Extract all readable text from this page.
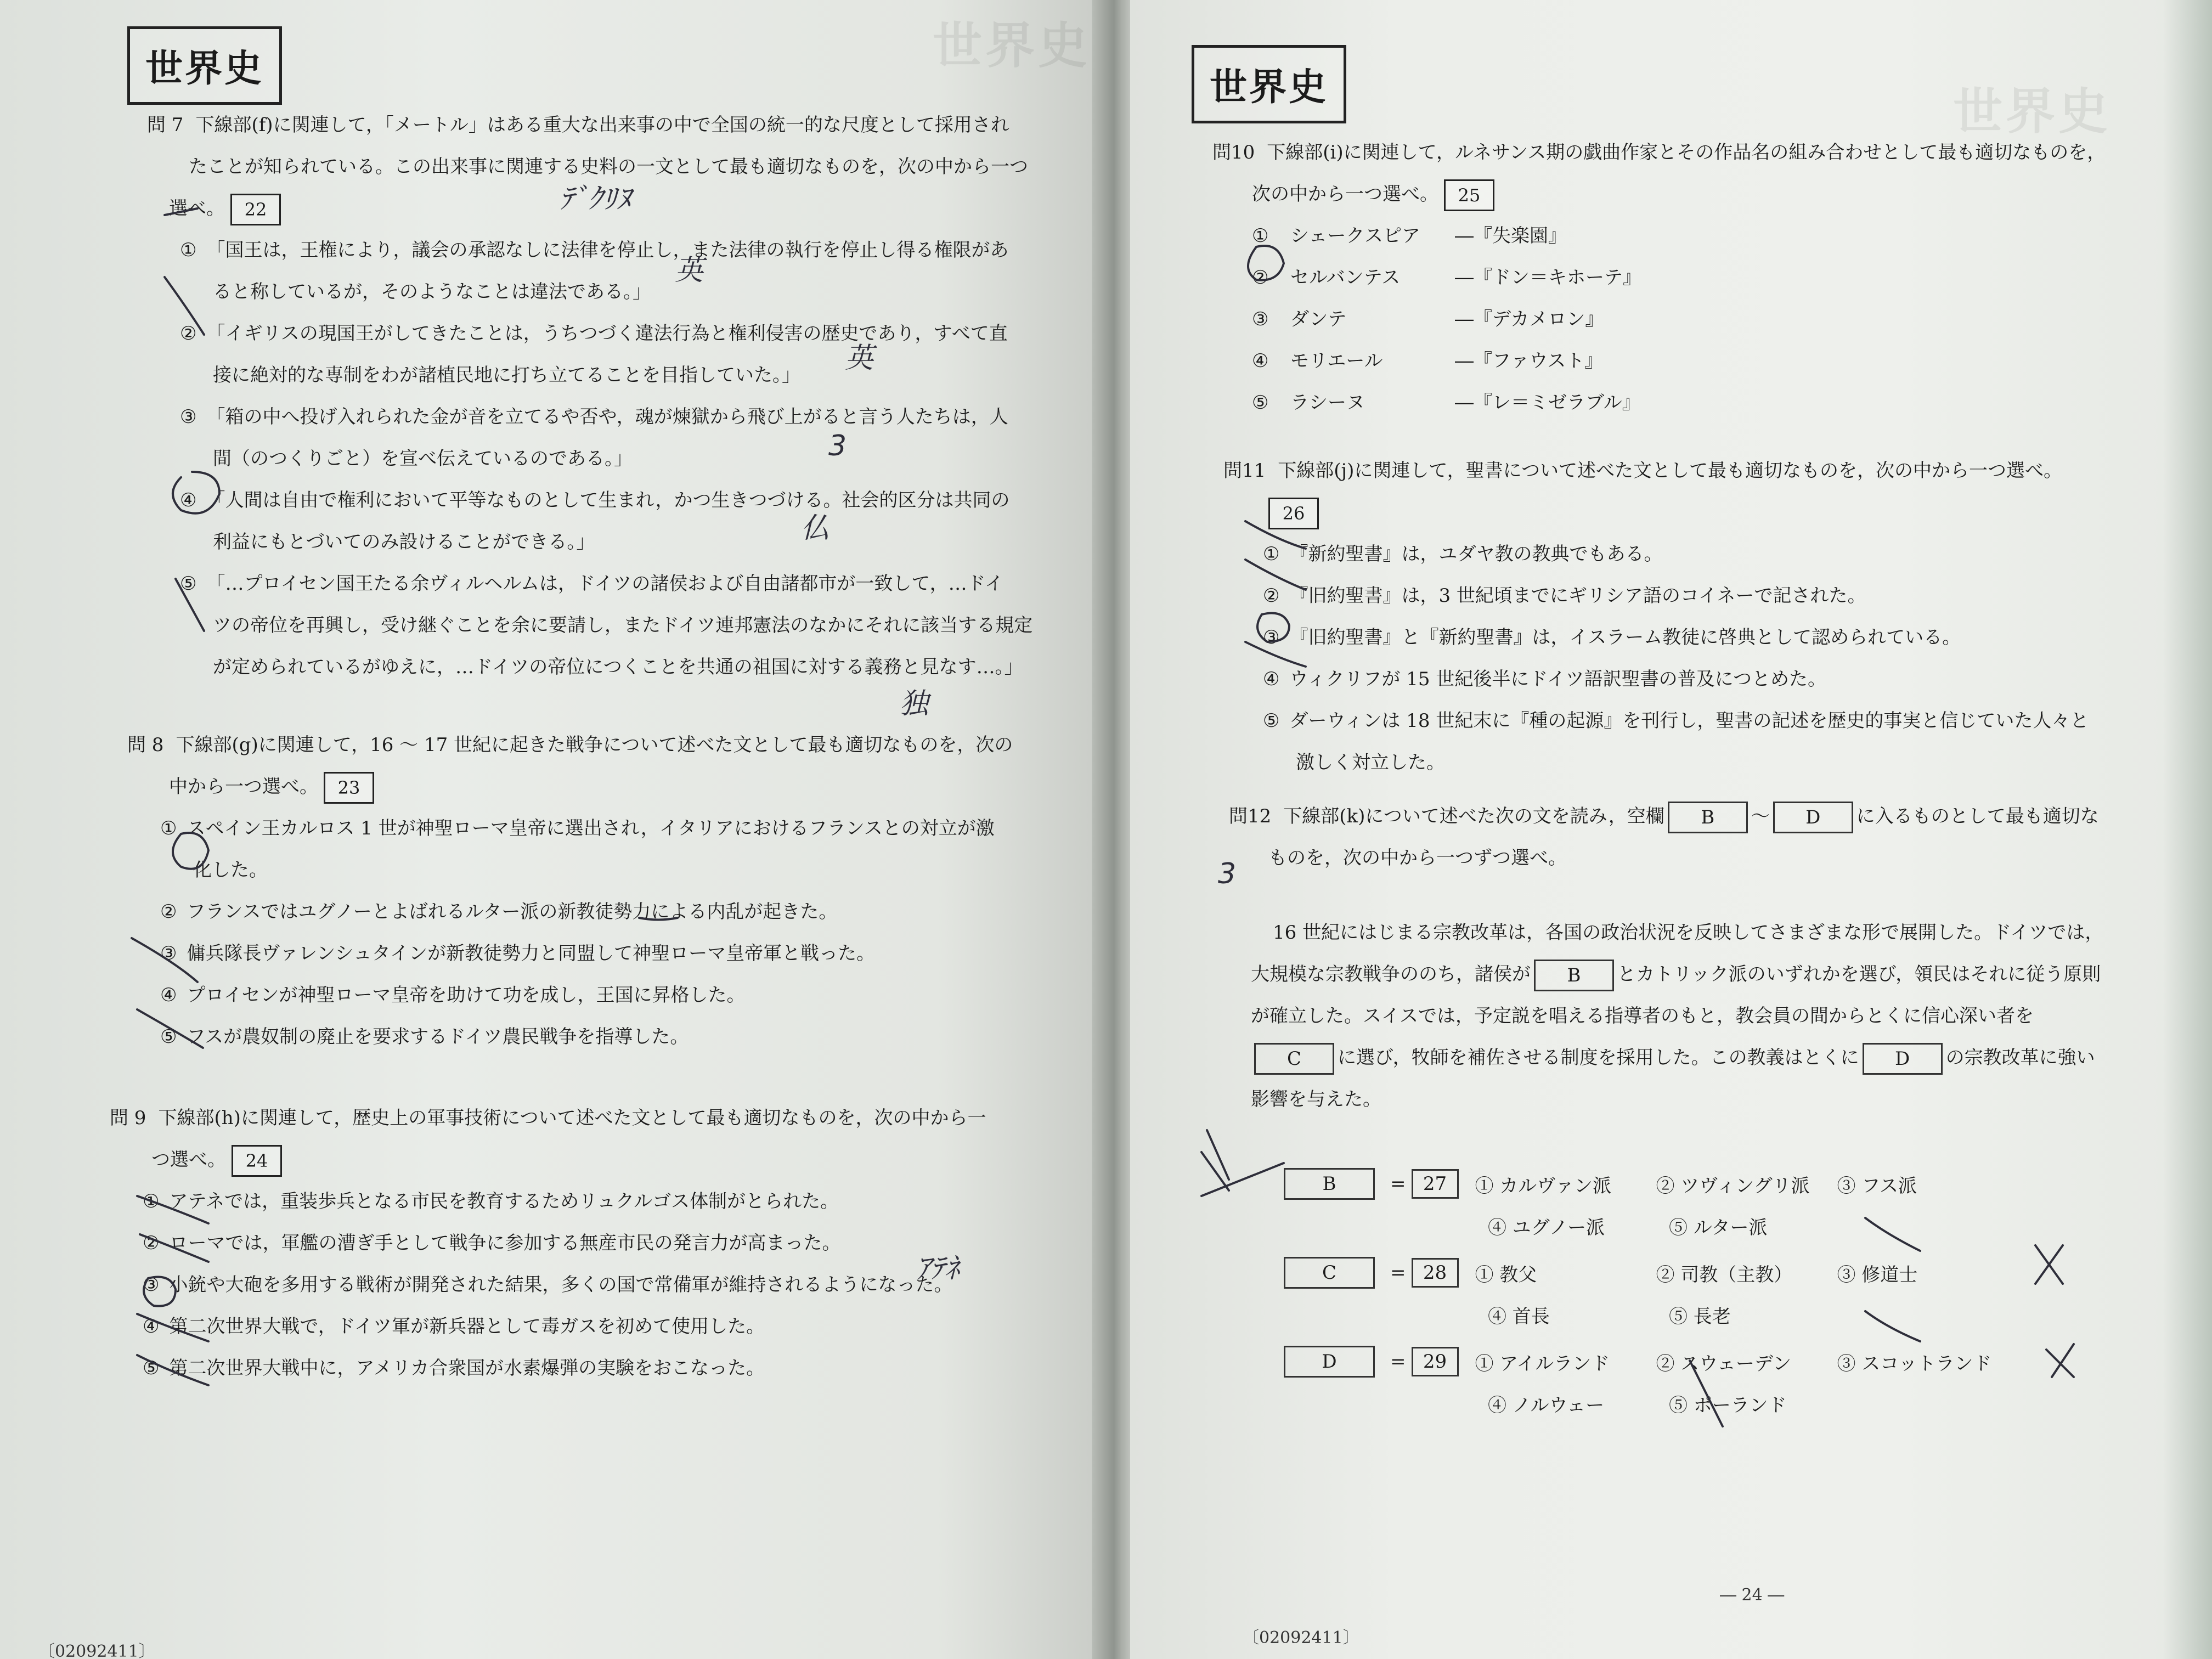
世界史
世界史
問 7 下線部(f)に関連して，「メートル」はある重大な出来事の中で全国の統一的な尺度として採用され
たことが知られている。この出来事に関連する史料の一文として最も適切なものを，次の中から一つ
選べ。 22
① 「国王は，王権により，議会の承認なしに法律を停止し，また法律の執行を停止し得る権限があ
ると称しているが，そのようなことは違法である。」
② 「イギリスの現国王がしてきたことは，うちつづく違法行為と権利侵害の歴史であり，すべて直
接に絶対的な専制をわが諸植民地に打ち立てることを目指していた。」
③ 「箱の中へ投げ入れられた金が音を立てるや否や，魂が煉獄から飛び上がると言う人たちは，人
間（のつくりごと）を宣べ伝えているのである。」
④ 「人間は自由で権利において平等なものとして生まれ，かつ生きつづける。社会的区分は共同の
利益にもとづいてのみ設けることができる。」
⑤ 「…プロイセン国王たる余ヴィルヘルムは，ドイツの諸侯および自由諸都市が一致して，…ドイ
ツの帝位を再興し，受け継ぐことを余に要請し，またドイツ連邦憲法のなかにそれに該当する規定
が定められているがゆえに，…ドイツの帝位につくことを共通の祖国に対する義務と見なす…。」
問 8 下線部(g)に関連して，16 ～ 17 世紀に起きた戦争について述べた文として最も適切なものを，次の
中から一つ選べ。 23
① スペイン王カルロス 1 世が神聖ローマ皇帝に選出され，イタリアにおけるフランスとの対立が激
化した。
② フランスではユグノーとよばれるルター派の新教徒勢力による内乱が起きた。
③ 傭兵隊長ヴァレンシュタインが新教徒勢力と同盟して神聖ローマ皇帝軍と戦った。
④ プロイセンが神聖ローマ皇帝を助けて功を成し，王国に昇格した。
⑤ フスが農奴制の廃止を要求するドイツ農民戦争を指導した。
問 9 下線部(h)に関連して，歴史上の軍事技術について述べた文として最も適切なものを，次の中から一
つ選べ。 24
① アテネでは，重装歩兵となる市民を教育するためリュクルゴス体制がとられた。
② ローマでは，軍艦の漕ぎ手として戦争に参加する無産市民の発言力が高まった。
③ 小銃や大砲を多用する戦術が開発された結果，多くの国で常備軍が維持されるようになった。
④ 第二次世界大戦で，ドイツ軍が新兵器として毒ガスを初めて使用した。
⑤ 第二次世界大戦中に，アメリカ合衆国が水素爆弾の実験をおこなった。
〔02092411〕
世界史
世界史
問10 下線部(i)に関連して，ルネサンス期の戯曲作家とその作品名の組み合わせとして最も適切なものを，
次の中から一つ選べ。 25
① シェークスピア ―『失楽園』
② セルバンテス	―『ドン＝キホーテ』
③ ダンテ	―『デカメロン』
④ モリエール	―『ファウスト』
⑤ ラシーヌ	―『レ＝ミゼラブル』
問11 下線部(j)に関連して，聖書について述べた文として最も適切なものを，次の中から一つ選べ。
26
① 『新約聖書』は，ユダヤ教の教典でもある。
② 『旧約聖書』は，3 世紀頃までにギリシア語のコイネーで記された。
③ 『旧約聖書』と『新約聖書』は，イスラーム教徒に啓典として認められている。
④ ウィクリフが 15 世紀後半にドイツ語訳聖書の普及につとめた。
⑤ ダーウィンは 18 世紀末に『種の起源』を刊行し，聖書の記述を歴史的事実と信じていた人々と
激しく対立した。
問12 下線部(k)について述べた次の文を読み，空欄 B ～ D に入るものとして最も適切な
ものを，次の中から一つずつ選べ。
16 世紀にはじまる宗教改革は，各国の政治状況を反映してさまざまな形で展開した。ドイツでは，
大規模な宗教戦争ののち，諸侯が B とカトリック派のいずれかを選び，領民はそれに従う原則
が確立した。スイスでは，予定説を唱える指導者のもと，教会員の間からとくに信心深い者を
C に選び，牧師を補佐させる制度を採用した。この教義はとくに D の宗教改革に強い
影響を与えた。
B	= 27	① カルヴァン派	② ツヴィングリ派	③ フス派
④ ユグノー派	⑤ ルター派
C	= 28	① 教父	② 司教（主教）	③ 修道士
④ 首長	⑤ 長老
D	= 29	① アイルランド	② スウェーデン	③ スコットランド
④ ノルウェー	⑤ ポーランド
― 24 ―
〔02092411〕
ﾃﾞｸﾘﾇ
英
英
3
仏
独
ｱﾃﾈ
3
